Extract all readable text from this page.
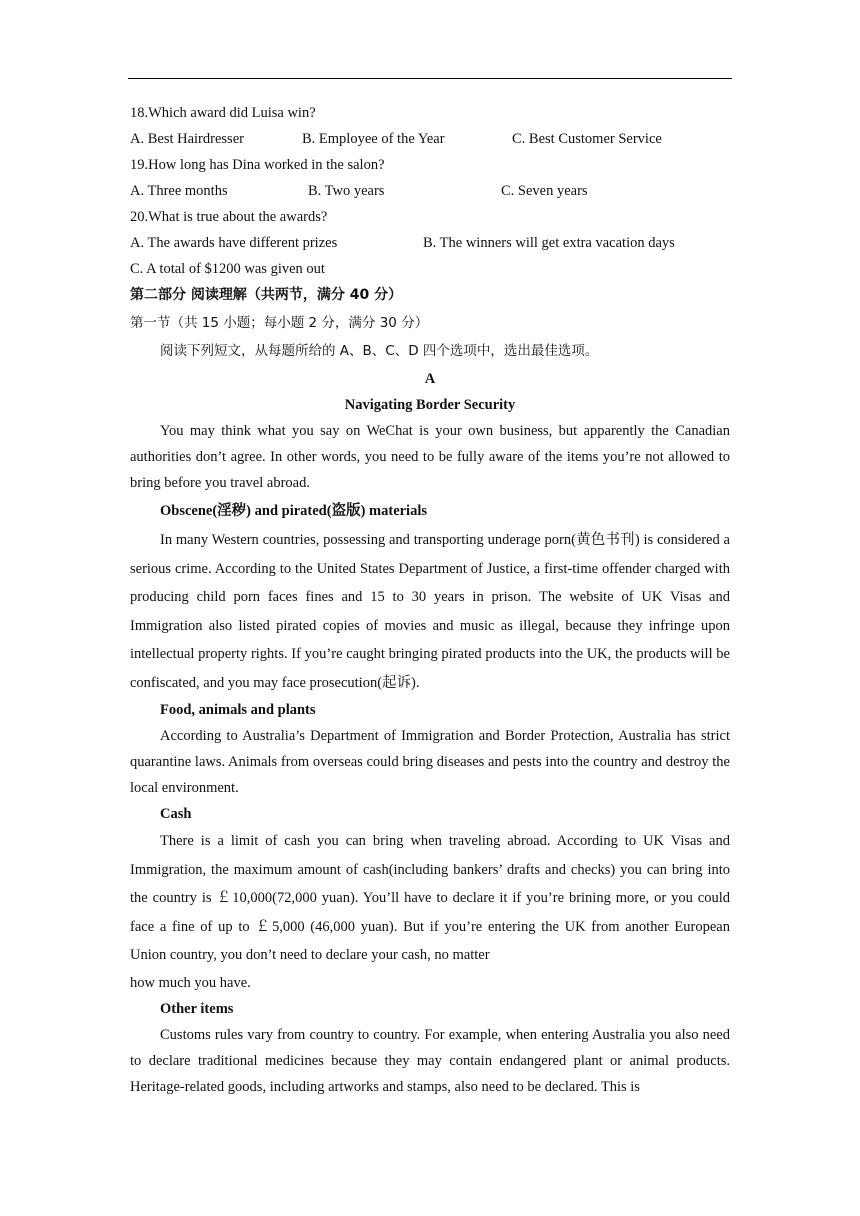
18.Which award did Luisa win?
A. Best Hairdresser	B. Employee of the Year	C. Best Customer Service
19.How long has Dina worked in the salon?
A. Three months	B. Two years	C. Seven years
20.What is true about the awards?
A. The awards have different prizes	B. The winners will get extra vacation days
C. A total of $1200 was given out
第二部分 阅读理解（共两节，满分 40 分）
第一节（共 15 小题；每小题 2 分，满分 30 分）
阅读下列短文，从每题所给的 A、B、C、D 四个选项中，选出最佳选项。
A
Navigating Border Security
You may think what you say on WeChat is your own business, but apparently the Canadian authorities don’t agree. In other words, you need to be fully aware of the items you’re not allowed to bring before you travel abroad.
Obscene(淫秽) and pirated(盗版) materials
In many Western countries, possessing and transporting underage porn(黄色书刊) is considered a serious crime. According to the United States Department of Justice, a first-time offender charged with producing child porn faces fines and 15 to 30 years in prison. The website of UK Visas and Immigration also listed pirated copies of movies and music as illegal, because they infringe upon intellectual property rights. If you’re caught bringing pirated products into the UK, the products will be confiscated, and you may face prosecution(起诉).
Food, animals and plants
According to Australia’s Department of Immigration and Border Protection, Australia has strict quarantine laws. Animals from overseas could bring diseases and pests into the country and destroy the local environment.
Cash
There is a limit of cash you can bring when traveling abroad. According to UK Visas and Immigration, the maximum amount of cash(including bankers’ drafts and checks) you can bring into the country is ￡10,000(72,000 yuan). You’ll have to declare it if you’re brining more, or you could face a fine of up to ￡5,000 (46,000 yuan). But if you’re entering the UK from another European Union country, you don’t need to declare your cash, no matter
how much you have.
Other items
Customs rules vary from country to country. For example, when entering Australia you also need to declare traditional medicines because they may contain endangered plant or animal products. Heritage-related goods, including artworks and stamps, also need to be declared. This is
